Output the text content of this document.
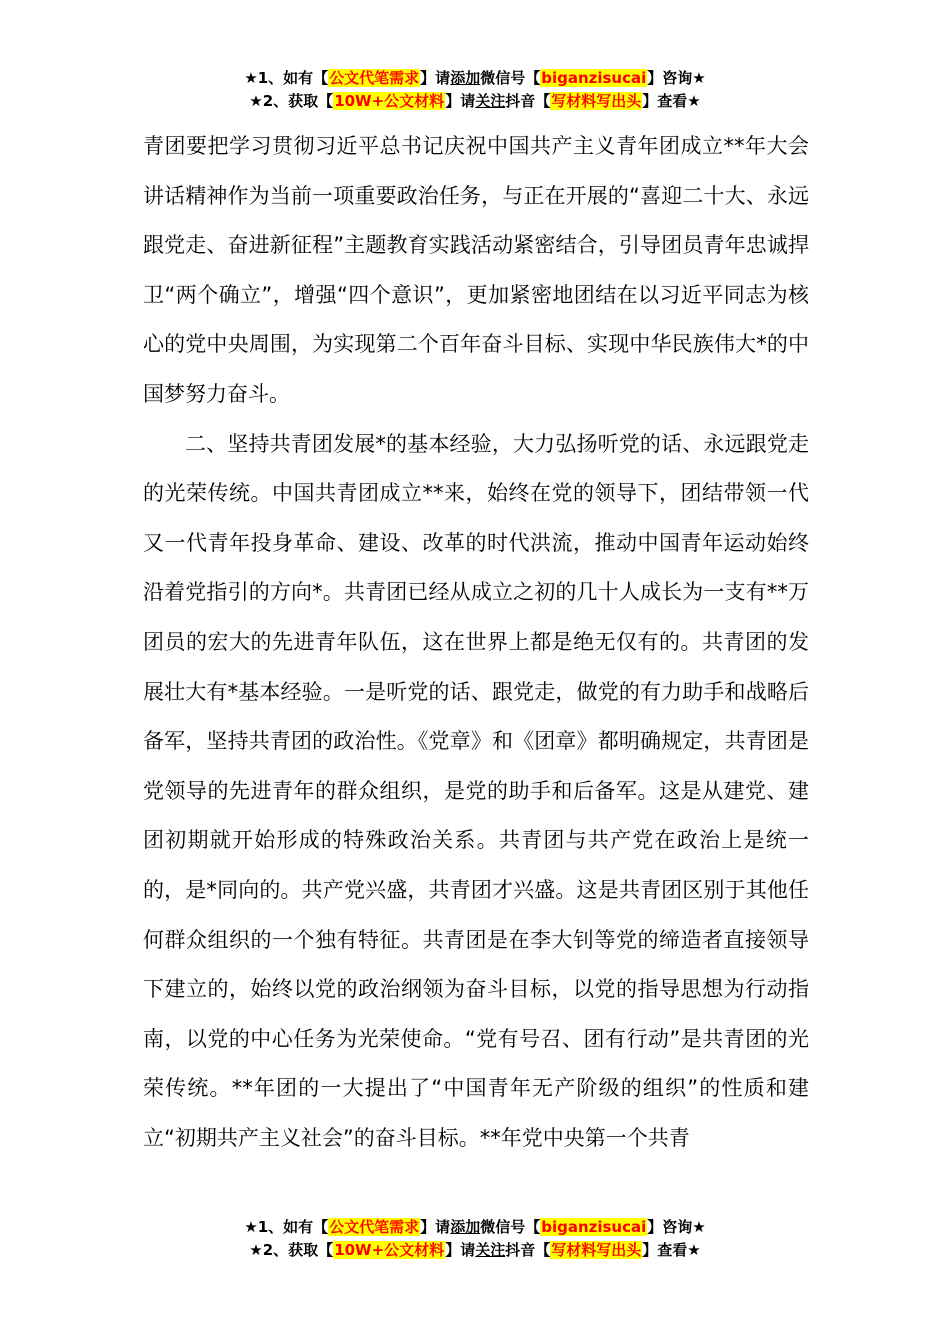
★1、如有【公文代笔需求】请添加微信号【biganzisucai】咨询★
★2、获取【10W+公文材料】请关注抖音【写材料写出头】查看★

青团要把学习贯彻习近平总书记庆祝中国共产主义青年团成立**年大会讲话精神作为当前一项重要政治任务，与正在开展的“喜迎二十大、永远跟党走、奋进新征程”主题教育实践活动紧密结合，引导团员青年忠诚捍卫“两个确立”，增强“四个意识”，更加紧密地团结在以习近平同志为核心的党中央周围，为实现第二个百年奋斗目标、实现中华民族伟大*的中国梦努力奋斗。

二、坚持共青团发展*的基本经验，大力弘扬听党的话、永远跟党走的光荣传统。中国共青团成立**来，始终在党的领导下，团结带领一代又一代青年投身革命、建设、改革的时代洪流，推动中国青年运动始终沿着党指引的方向*。共青团已经从成立之初的几十人成长为一支有**万团员的宏大的先进青年队伍，这在世界上都是绝无仅有的。共青团的发展壮大有*基本经验。一是听党的话、跟党走，做党的有力助手和战略后备军，坚持共青团的政治性。《党章》和《团章》都明确规定，共青团是党领导的先进青年的群众组织，是党的助手和后备军。这是从建党、建团初期就开始形成的特殊政治关系。共青团与共产党在政治上是统一的，是*同向的。共产党兴盛，共青团才兴盛。这是共青团区别于其他任何群众组织的一个独有特征。共青团是在李大钊等党的缔造者直接领导下建立的，始终以党的政治纲领为奋斗目标，以党的指导思想为行动指南，以党的中心任务为光荣使命。“党有号召、团有行动”是共青团的光荣传统。**年团的一大提出了“中国青年无产阶级的组织”的性质和建立“初期共产主义社会”的奋斗目标。**年党中央第一个共青

★1、如有【公文代笔需求】请添加微信号【biganzisucai】咨询★
★2、获取【10W+公文材料】请关注抖音【写材料写出头】查看★
